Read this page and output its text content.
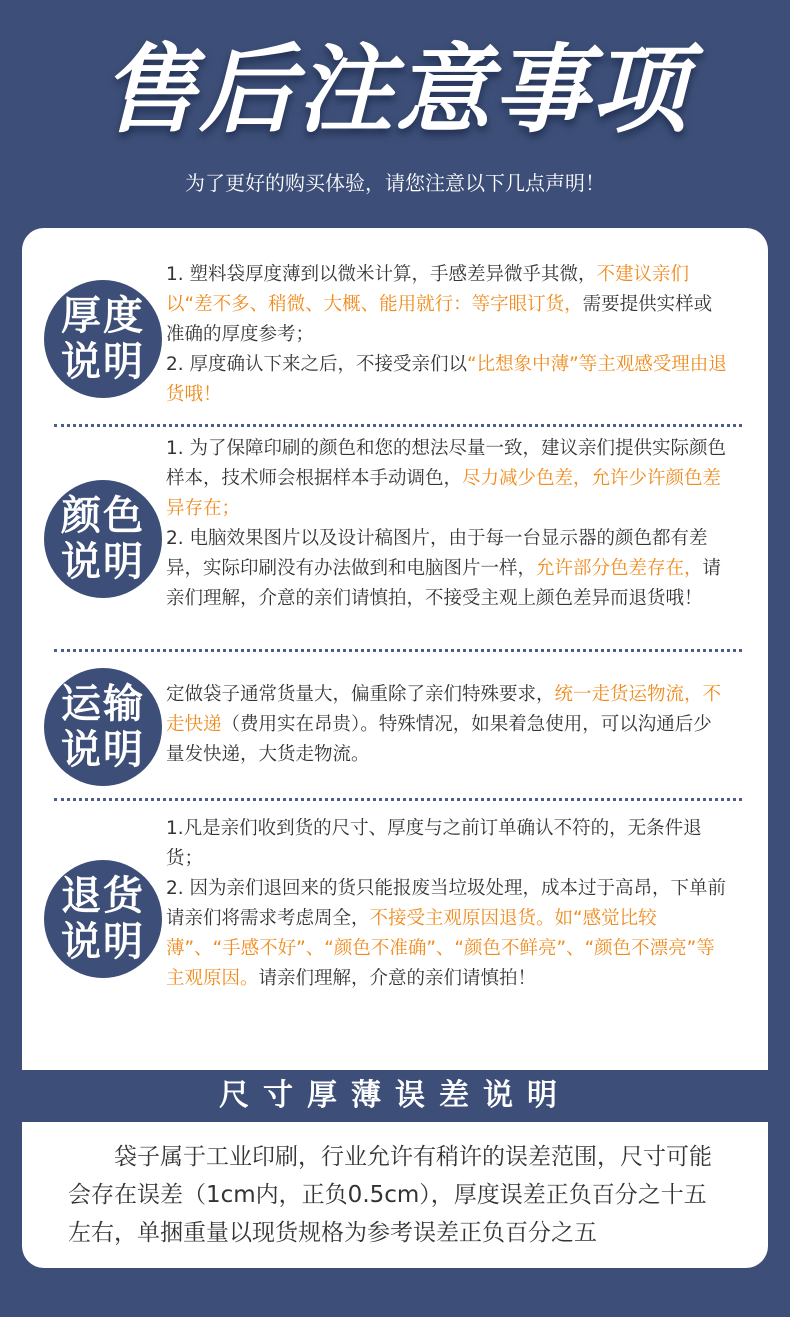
售后注意事项
为了更好的购买体验，请您注意以下几点声明！
厚度
说明

1. 塑料袋厚度薄到以微米计算，手感差异微乎其微，不建议亲们以“差不多、稍微、大概、能用就行：等字眼订货，需要提供实样或准确的厚度参考；

2. 厚度确认下来之后，不接受亲们以“比想象中薄”等主观感受理由退货哦！

颜色
说明

1. 为了保障印刷的颜色和您的想法尽量一致，建议亲们提供实际颜色样本，技术师会根据样本手动调色，尽力减少色差，允许少许颜色差异存在；

2. 电脑效果图片以及设计稿图片，由于每一台显示器的颜色都有差异，实际印刷没有办法做到和电脑图片一样，允许部分色差存在，请亲们理解，介意的亲们请慎拍，不接受主观上颜色差异而退货哦！

运输
说明

定做袋子通常货量大，偏重除了亲们特殊要求，统一走货运物流，不走快递（费用实在昂贵）。特殊情况，如果着急使用，可以沟通后少量发快递，大货走物流。

退货
说明

1.凡是亲们收到货的尺寸、厚度与之前订单确认不符的，无条件退货；

2. 因为亲们退回来的货只能报废当垃圾处理，成本过于高昂，下单前请亲们将需求考虑周全，不接受主观原因退货。如“感觉比较薄”、“手感不好”、“颜色不准确”、“颜色不鲜亮”、“颜色不漂亮”等主观原因。请亲们理解，介意的亲们请慎拍！

尺寸厚薄误差说明
袋子属于工业印刷，行业允许有稍许的误差范围，尺寸可能会存在误差（1cm内，正负0.5cm），厚度误差正负百分之十五左右，单捆重量以现货规格为参考误差正负百分之五
